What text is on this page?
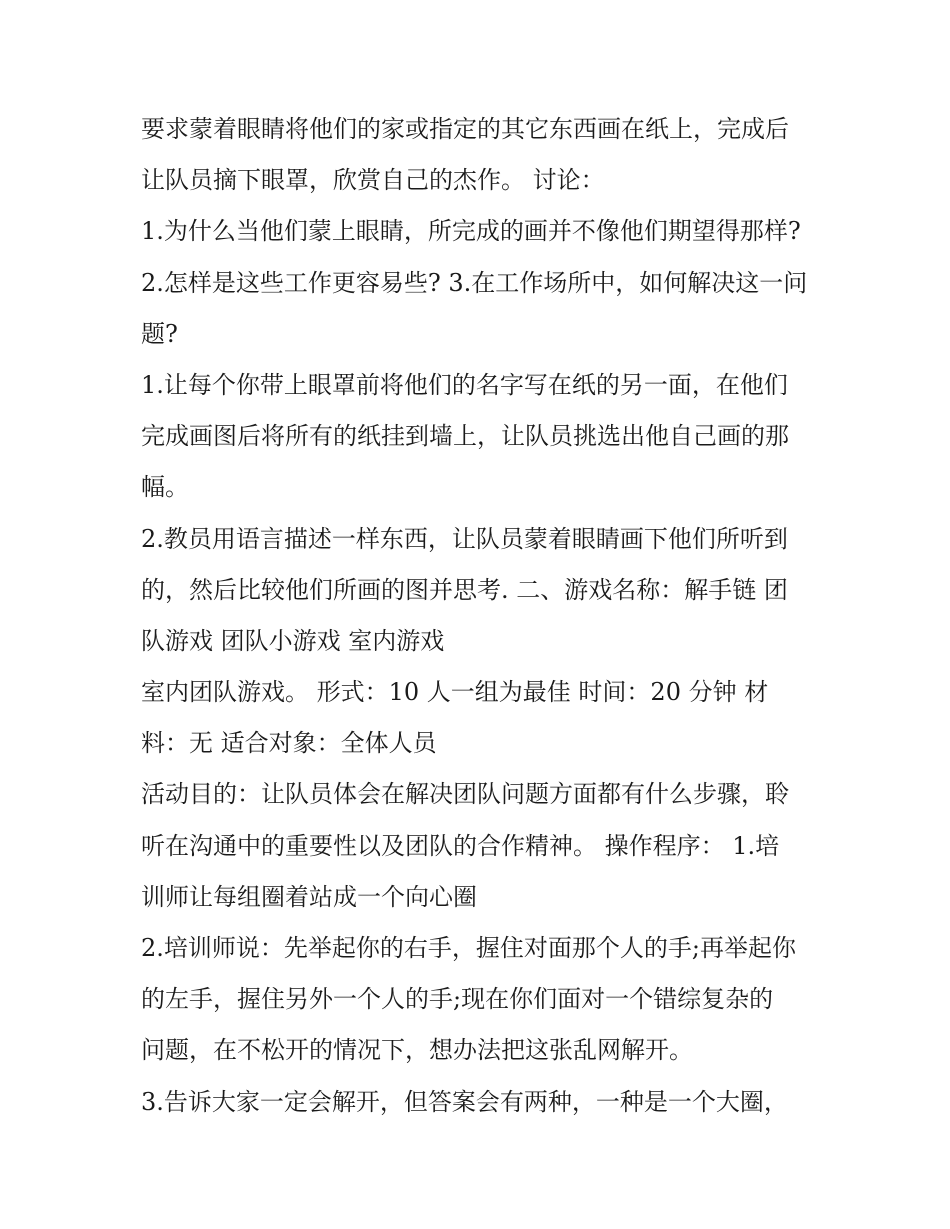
要求蒙着眼睛将他们的家或指定的其它东西画在纸上，完成后
让队员摘下眼罩，欣赏自己的杰作。 讨论：
1.为什么当他们蒙上眼睛，所完成的画并不像他们期望得那样?
2.怎样是这些工作更容易些? 3.在工作场所中，如何解决这一问
题?
1.让每个你带上眼罩前将他们的名字写在纸的另一面，在他们
完成画图后将所有的纸挂到墙上，让队员挑选出他自己画的那
幅。
2.教员用语言描述一样东西，让队员蒙着眼睛画下他们所听到
的，然后比较他们所画的图并思考. 二、游戏名称：解手链 团
队游戏 团队小游戏 室内游戏
室内团队游戏。 形式：10 人一组为最佳 时间：20 分钟 材
料：无 适合对象：全体人员
活动目的：让队员体会在解决团队问题方面都有什么步骤，聆
听在沟通中的重要性以及团队的合作精神。 操作程序： 1.培
训师让每组圈着站成一个向心圈
2.培训师说：先举起你的右手，握住对面那个人的手;再举起你
的左手，握住另外一个人的手;现在你们面对一个错综复杂的
问题，在不松开的情况下，想办法把这张乱网解开。
3.告诉大家一定会解开，但答案会有两种，一种是一个大圈，
